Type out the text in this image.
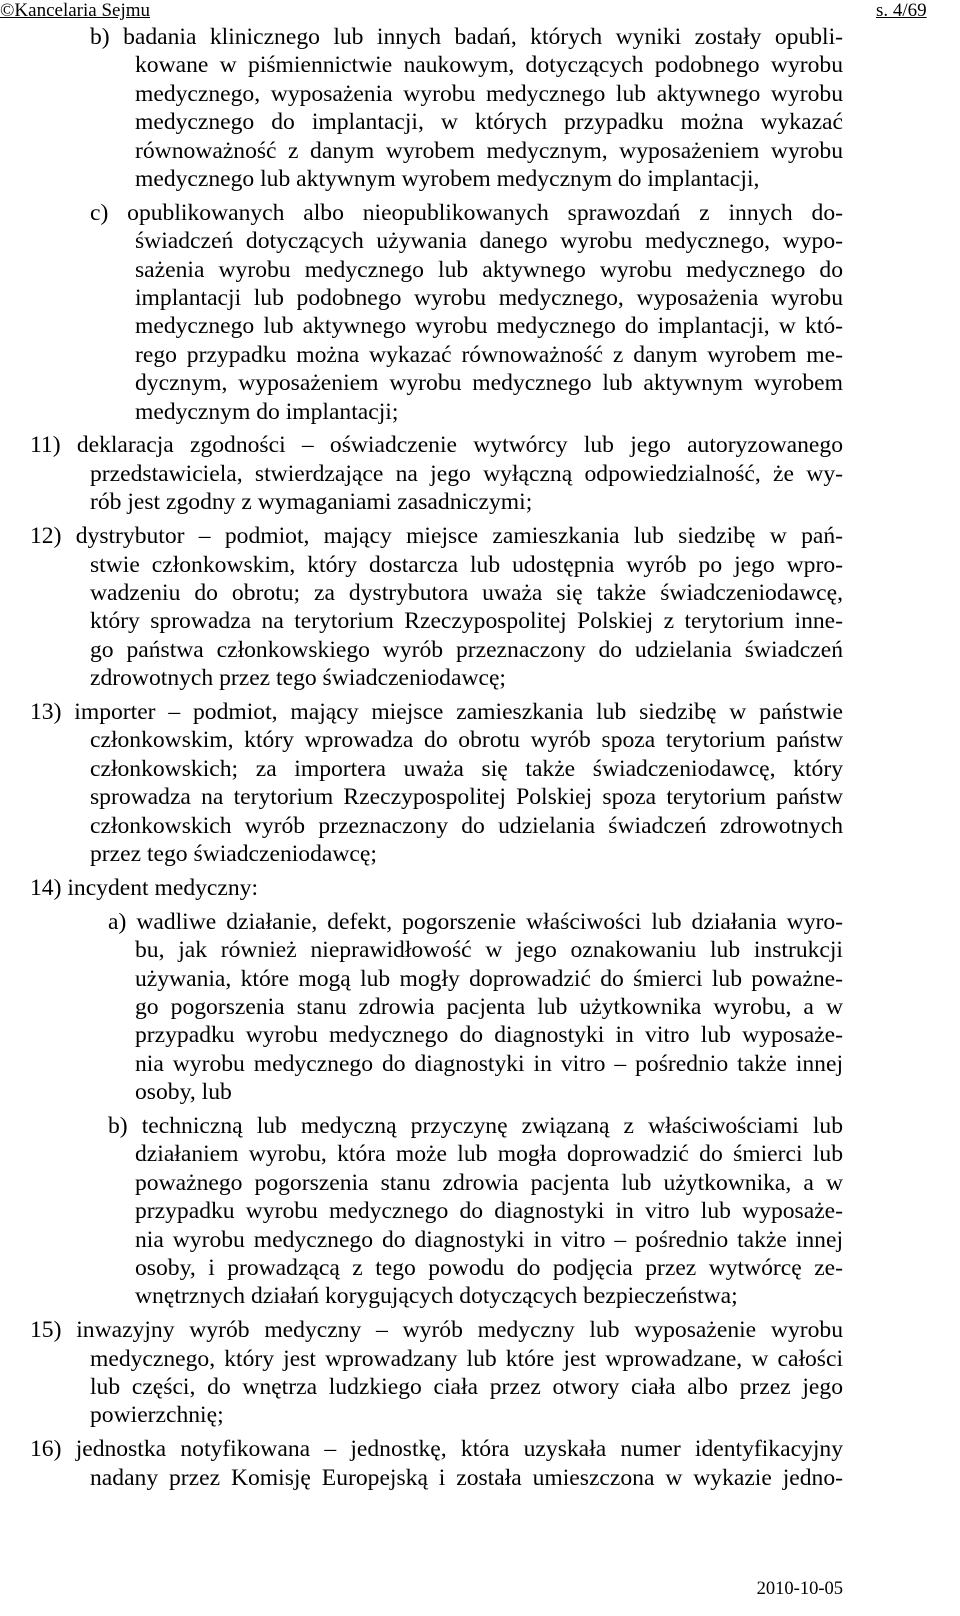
©Kancelaria Sejmu	s. 4/69
b) badania klinicznego lub innych badań, których wyniki zostały opubli-
kowane w piśmiennictwie naukowym, dotyczących podobnego wyrobu
medycznego, wyposażenia wyrobu medycznego lub aktywnego wyrobu
medycznego do implantacji, w których przypadku można wykazać
równoważność z danym wyrobem medycznym, wyposażeniem wyrobu
medycznego lub aktywnym wyrobem medycznym do implantacji,
c) opublikowanych albo nieopublikowanych sprawozdań z innych do-
świadczeń dotyczących używania danego wyrobu medycznego, wypo-
sażenia wyrobu medycznego lub aktywnego wyrobu medycznego do
implantacji lub podobnego wyrobu medycznego, wyposażenia wyrobu
medycznego lub aktywnego wyrobu medycznego do implantacji, w któ-
rego przypadku można wykazać równoważność z danym wyrobem me-
dycznym, wyposażeniem wyrobu medycznego lub aktywnym wyrobem
medycznym do implantacji;
11) deklaracja zgodności – oświadczenie wytwórcy lub jego autoryzowanego
przedstawiciela, stwierdzające na jego wyłączną odpowiedzialność, że wy-
rób jest zgodny z wymaganiami zasadniczymi;
12) dystrybutor – podmiot, mający miejsce zamieszkania lub siedzibę w pań-
stwie członkowskim, który dostarcza lub udostępnia wyrób po jego wpro-
wadzeniu do obrotu; za dystrybutora uważa się także świadczeniodawcę,
który sprowadza na terytorium Rzeczypospolitej Polskiej z terytorium inne-
go państwa członkowskiego wyrób przeznaczony do udzielania świadczeń
zdrowotnych przez tego świadczeniodawcę;
13) importer – podmiot, mający miejsce zamieszkania lub siedzibę w państwie
członkowskim, który wprowadza do obrotu wyrób spoza terytorium państw
członkowskich; za importera uważa się także świadczeniodawcę, który
sprowadza na terytorium Rzeczypospolitej Polskiej spoza terytorium państw
członkowskich wyrób przeznaczony do udzielania świadczeń zdrowotnych
przez tego świadczeniodawcę;
14) incydent medyczny:
a) wadliwe działanie, defekt, pogorszenie właściwości lub działania wyro-
bu, jak również nieprawidłowość w jego oznakowaniu lub instrukcji
używania, które mogą lub mogły doprowadzić do śmierci lub poważne-
go pogorszenia stanu zdrowia pacjenta lub użytkownika wyrobu, a w
przypadku wyrobu medycznego do diagnostyki in vitro lub wyposaże-
nia wyrobu medycznego do diagnostyki in vitro – pośrednio także innej
osoby, lub
b) techniczną lub medyczną przyczynę związaną z właściwościami lub
działaniem wyrobu, która może lub mogła doprowadzić do śmierci lub
poważnego pogorszenia stanu zdrowia pacjenta lub użytkownika, a w
przypadku wyrobu medycznego do diagnostyki in vitro lub wyposaże-
nia wyrobu medycznego do diagnostyki in vitro – pośrednio także innej
osoby, i prowadzącą z tego powodu do podjęcia przez wytwórcę ze-
wnętrznych działań korygujących dotyczących bezpieczeństwa;
15) inwazyjny wyrób medyczny – wyrób medyczny lub wyposażenie wyrobu
medycznego, który jest wprowadzany lub które jest wprowadzane, w całości
lub części, do wnętrza ludzkiego ciała przez otwory ciała albo przez jego
powierzchnię;
16) jednostka notyfikowana – jednostkę, która uzyskała numer identyfikacyjny
nadany przez Komisję Europejską i została umieszczona w wykazie jedno-
2010-10-05
